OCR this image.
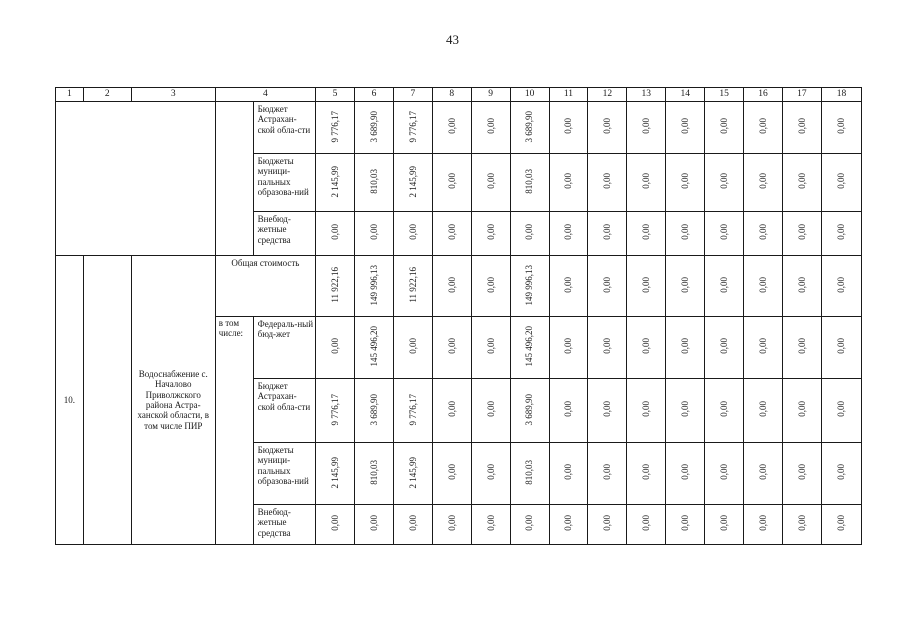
43
1	2	3	4		5	6	7	8	9	10	11	12	13	14	15	16	17	18
				Бюджет Астрахан-ской обла-сти	9 776,17	3 689,90	9 776,17	0,00	0,00	3 689,90	0,00	0,00	0,00	0,00	0,00	0,00	0,00	0,00
				Бюджеты муници-пальных образова-ний	2 145,99	810,03	2 145,99	0,00	0,00	810,03	0,00	0,00	0,00	0,00	0,00	0,00	0,00	0,00
				Внебюд-жетные средства	0,00	0,00	0,00	0,00	0,00	0,00	0,00	0,00	0,00	0,00	0,00	0,00	0,00	0,00
10.		Водоснабжение с. Началово Приволжского района Астра-ханской области, в том числе ПИР	Общая стоимость		11 922,16	149 996,13	11 922,16	0,00	0,00	149 996,13	0,00	0,00	0,00	0,00	0,00	0,00	0,00	0,00
			в том числе:	Федераль-ный бюд-жет	0,00	145 496,20	0,00	0,00	0,00	145 496,20	0,00	0,00	0,00	0,00	0,00	0,00	0,00	0,00
				Бюджет Астрахан-ской обла-сти	9 776,17	3 689,90	9 776,17	0,00	0,00	3 689,90	0,00	0,00	0,00	0,00	0,00	0,00	0,00	0,00
				Бюджеты муници-пальных образова-ний	2 145,99	810,03	2 145,99	0,00	0,00	810,03	0,00	0,00	0,00	0,00	0,00	0,00	0,00	0,00
				Внебюд-жетные средства	0,00	0,00	0,00	0,00	0,00	0,00	0,00	0,00	0,00	0,00	0,00	0,00	0,00	0,00
